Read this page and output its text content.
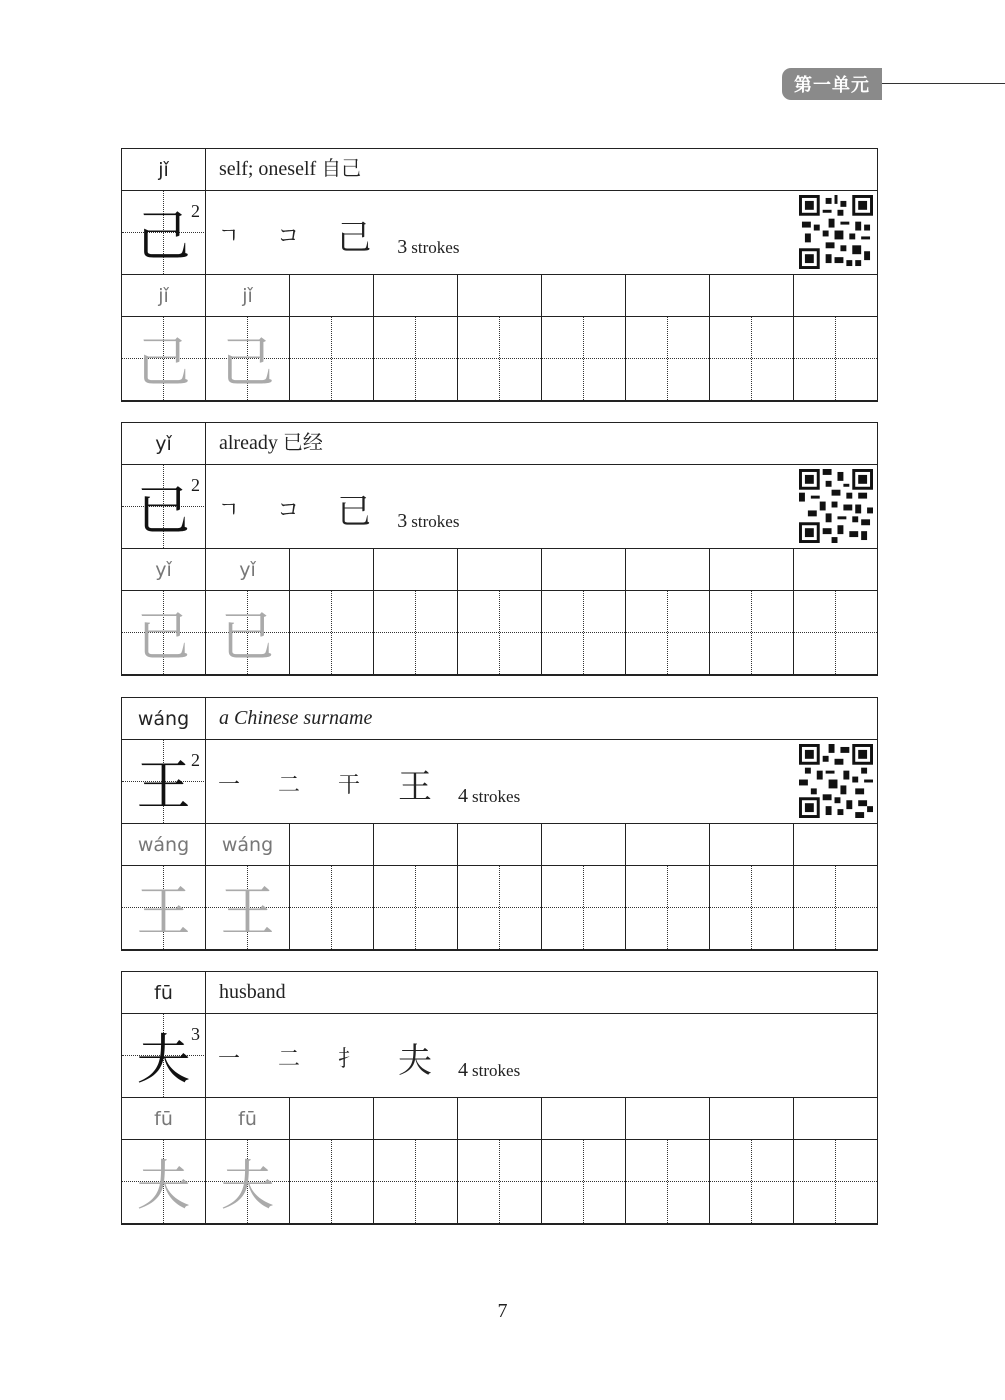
第一单元
jǐ	self; oneself 自己
己 2
ㄱ コ 己 3 strokes
jǐ	jǐ
己 己
yǐ	already 已经
已 2
ㄱ コ 已 3 strokes
yǐ	yǐ
已 已
wáng	a Chinese surname
王 2
一 二 干 王 4 strokes
wáng	wáng
王 王
fū	husband
夫 3
一 二 扌 夫 4 strokes
fū	fū
夫 夫
7
